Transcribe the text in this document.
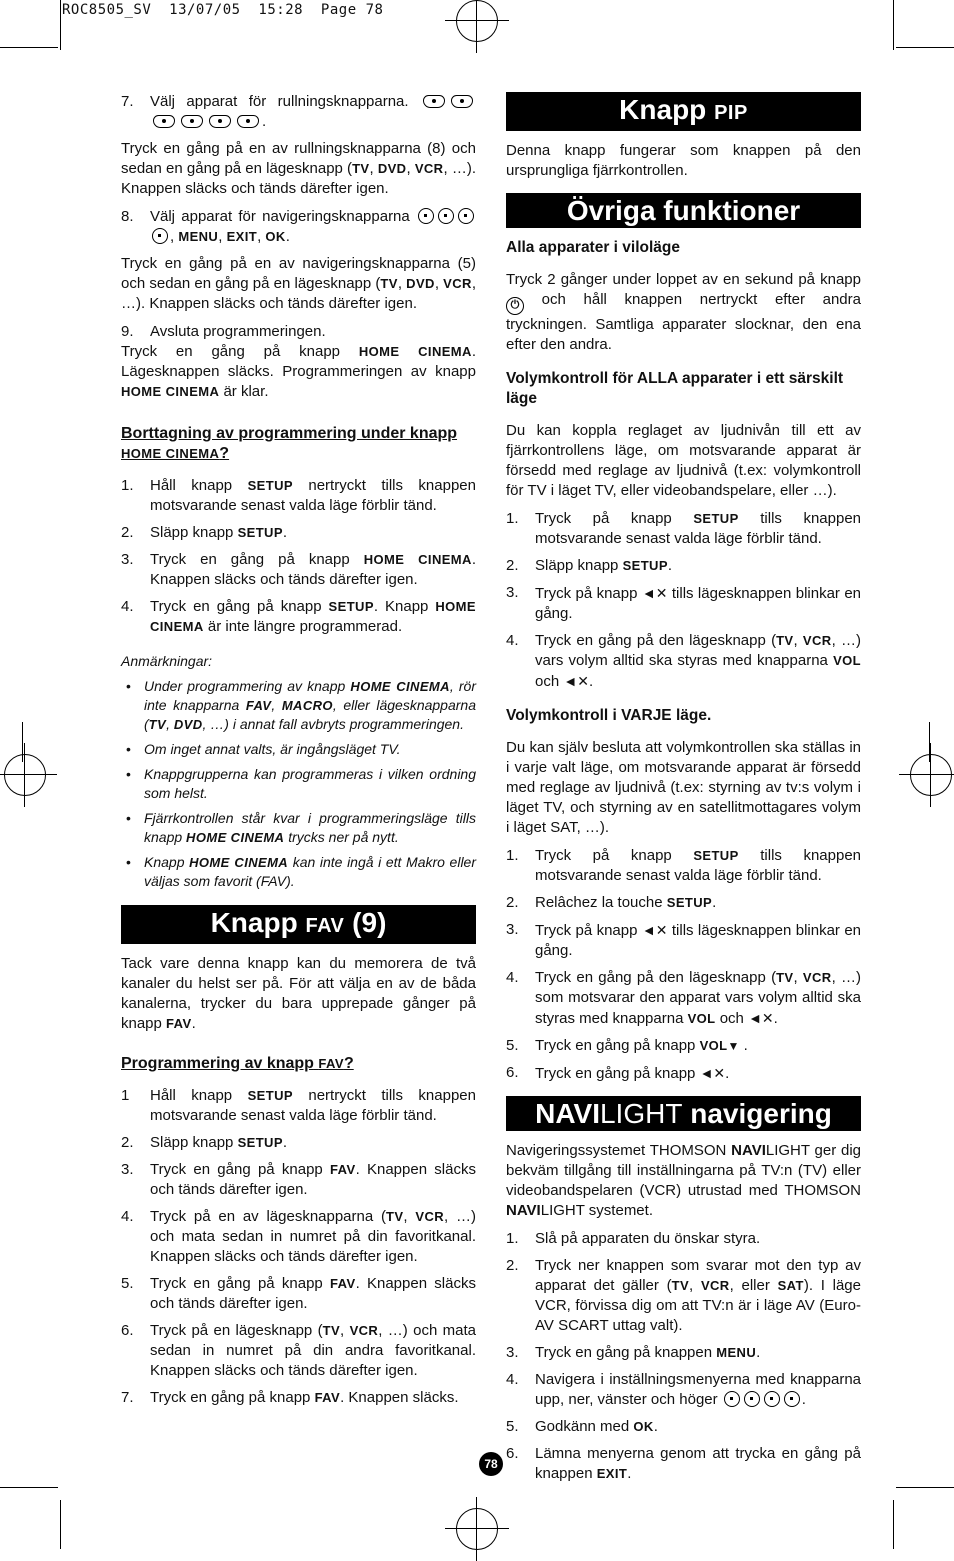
ROC8505_SV  13/07/05  15:28  Page 78
7. Välj apparat för rullningsknapparna.  .

Tryck en gång på en av rullningsknapparna (8) och sedan en gång på en lägesknapp (TV, DVD, VCR, …). Knappen släcks och tänds därefter igen.

8. Välj apparat för navigeringsknapparna  , MENU, EXIT, OK.

Tryck en gång på en av navigeringsknapparna (5) och sedan en gång på en lägesknapp (TV, DVD, VCR, …). Knappen släcks och tänds därefter igen.

9. Avsluta programmeringen.

Tryck en gång på knapp HOME CINEMA. Lägesknappen släcks. Programmeringen av knapp HOME CINEMA är klar.

Borttagning av programmering under knapp HOME CINEMA?
1. Håll knapp SETUP nertryckt tills knappen motsvarande senast valda läge förblir tänd.
2. Släpp knapp SETUP.
3. Tryck en gång på knapp HOME CINEMA. Knappen släcks och tänds därefter igen.
4. Tryck en gång på knapp SETUP. Knapp HOME CINEMA är inte längre programmerad.
Anmärkningar:
• Under programmering av knapp HOME CINEMA, rör inte knapparna FAV, MACRO, eller lägesknapparna (TV, DVD, …) i annat fall avbryts programmeringen.
• Om inget annat valts, är ingångsläget TV.
• Knappgrupperna kan programmeras i vilken ordning som helst.
• Fjärrkontrollen står kvar i programmeringsläge tills knapp HOME CINEMA trycks ner på nytt.
• Knapp HOME CINEMA kan inte ingå i ett Makro eller väljas som favorit (FAV).
Knapp FAV (9)

Tack vare denna knapp kan du memorera de två kanaler du helst ser på. För att välja en av de båda kanalerna, trycker du bara upprepade gånger på knapp FAV.

Programmering av knapp FAV?
1 Håll knapp SETUP nertryckt tills knappen motsvarande senast valda läge förblir tänd.
2. Släpp knapp SETUP.
3. Tryck en gång på knapp FAV. Knappen släcks och tänds därefter igen.
4. Tryck på en av lägesknapparna (TV, VCR, …) och mata sedan in numret på din favoritkanal. Knappen släcks och tänds därefter igen.
5. Tryck en gång på knapp FAV. Knappen släcks och tänds därefter igen.
6. Tryck på en lägesknapp (TV, VCR, …) och mata sedan in numret på din andra favoritkanal. Knappen släcks och tänds därefter igen.
7. Tryck en gång på knapp FAV. Knappen släcks.
Knapp PIP

Denna knapp fungerar som knappen på den ursprungliga fjärrkontrollen.

Övriga funktioner
Alla apparater i viloläge

Tryck 2 gånger under loppet av en sekund på knapp ⏻ och håll knappen nertryckt efter andra tryckningen. Samtliga apparater slocknar, den ena efter den andra.

Volymkontroll för ALLA apparater i ett särskilt läge

Du kan koppla reglaget av ljudnivån till ett av fjärrkontrollens läge, om motsvarande apparat är försedd med reglage av ljudnivå (t.ex: volymkontroll för TV i läget TV, eller videobandspelare, eller …).

1. Tryck på knapp SETUP tills knappen motsvarande senast valda läge förblir tänd.
2. Släpp knapp SETUP.
3. Tryck på knapp ◄✕ tills lägesknappen blinkar en gång.
4. Tryck en gång på den lägesknapp (TV, VCR, …) vars volym alltid ska styras med knapparna VOL och ◄✕.
Volymkontroll i VARJE läge.

Du kan själv besluta att volymkontrollen ska ställas in i varje valt läge, om motsvarande apparat är försedd med reglage av ljudnivå (t.ex: styrning av tv:s volym i läget TV, och styrning av en satellitmottagares volym i läget SAT, …).

1. Tryck på knapp SETUP tills knappen motsvarande senast valda läge förblir tänd.
2. Relâchez la touche SETUP.
3. Tryck på knapp ◄✕ tills lägesknappen blinkar en gång.
4. Tryck en gång på den lägesknapp (TV, VCR, …) som motsvarar den apparat vars volym alltid ska styras med knapparna VOL och ◄✕.
5. Tryck en gång på knapp VOL▼ .
6. Tryck en gång på knapp ◄✕.
NAVILIGHT navigering

Navigeringssystemet THOMSON NAVILIGHT ger dig bekväm tillgång till inställningarna på TV:n (TV) eller videobandspelaren (VCR) utrustad med THOMSON NAVILIGHT systemet.

1. Slå på apparaten du önskar styra.
2. Tryck ner knappen som svarar mot den typ av apparat det gäller (TV, VCR, eller SAT). I läge VCR, förvissa dig om att TV:n är i läge AV (Euro-AV SCART uttag valt).
3. Tryck en gång på knappen MENU.
4. Navigera i inställningsmenyerna med knapparna upp, ner, vänster och höger	.
5. Godkänn med OK.
6. Lämna menyerna genom att trycka en gång på knappen EXIT.
78
